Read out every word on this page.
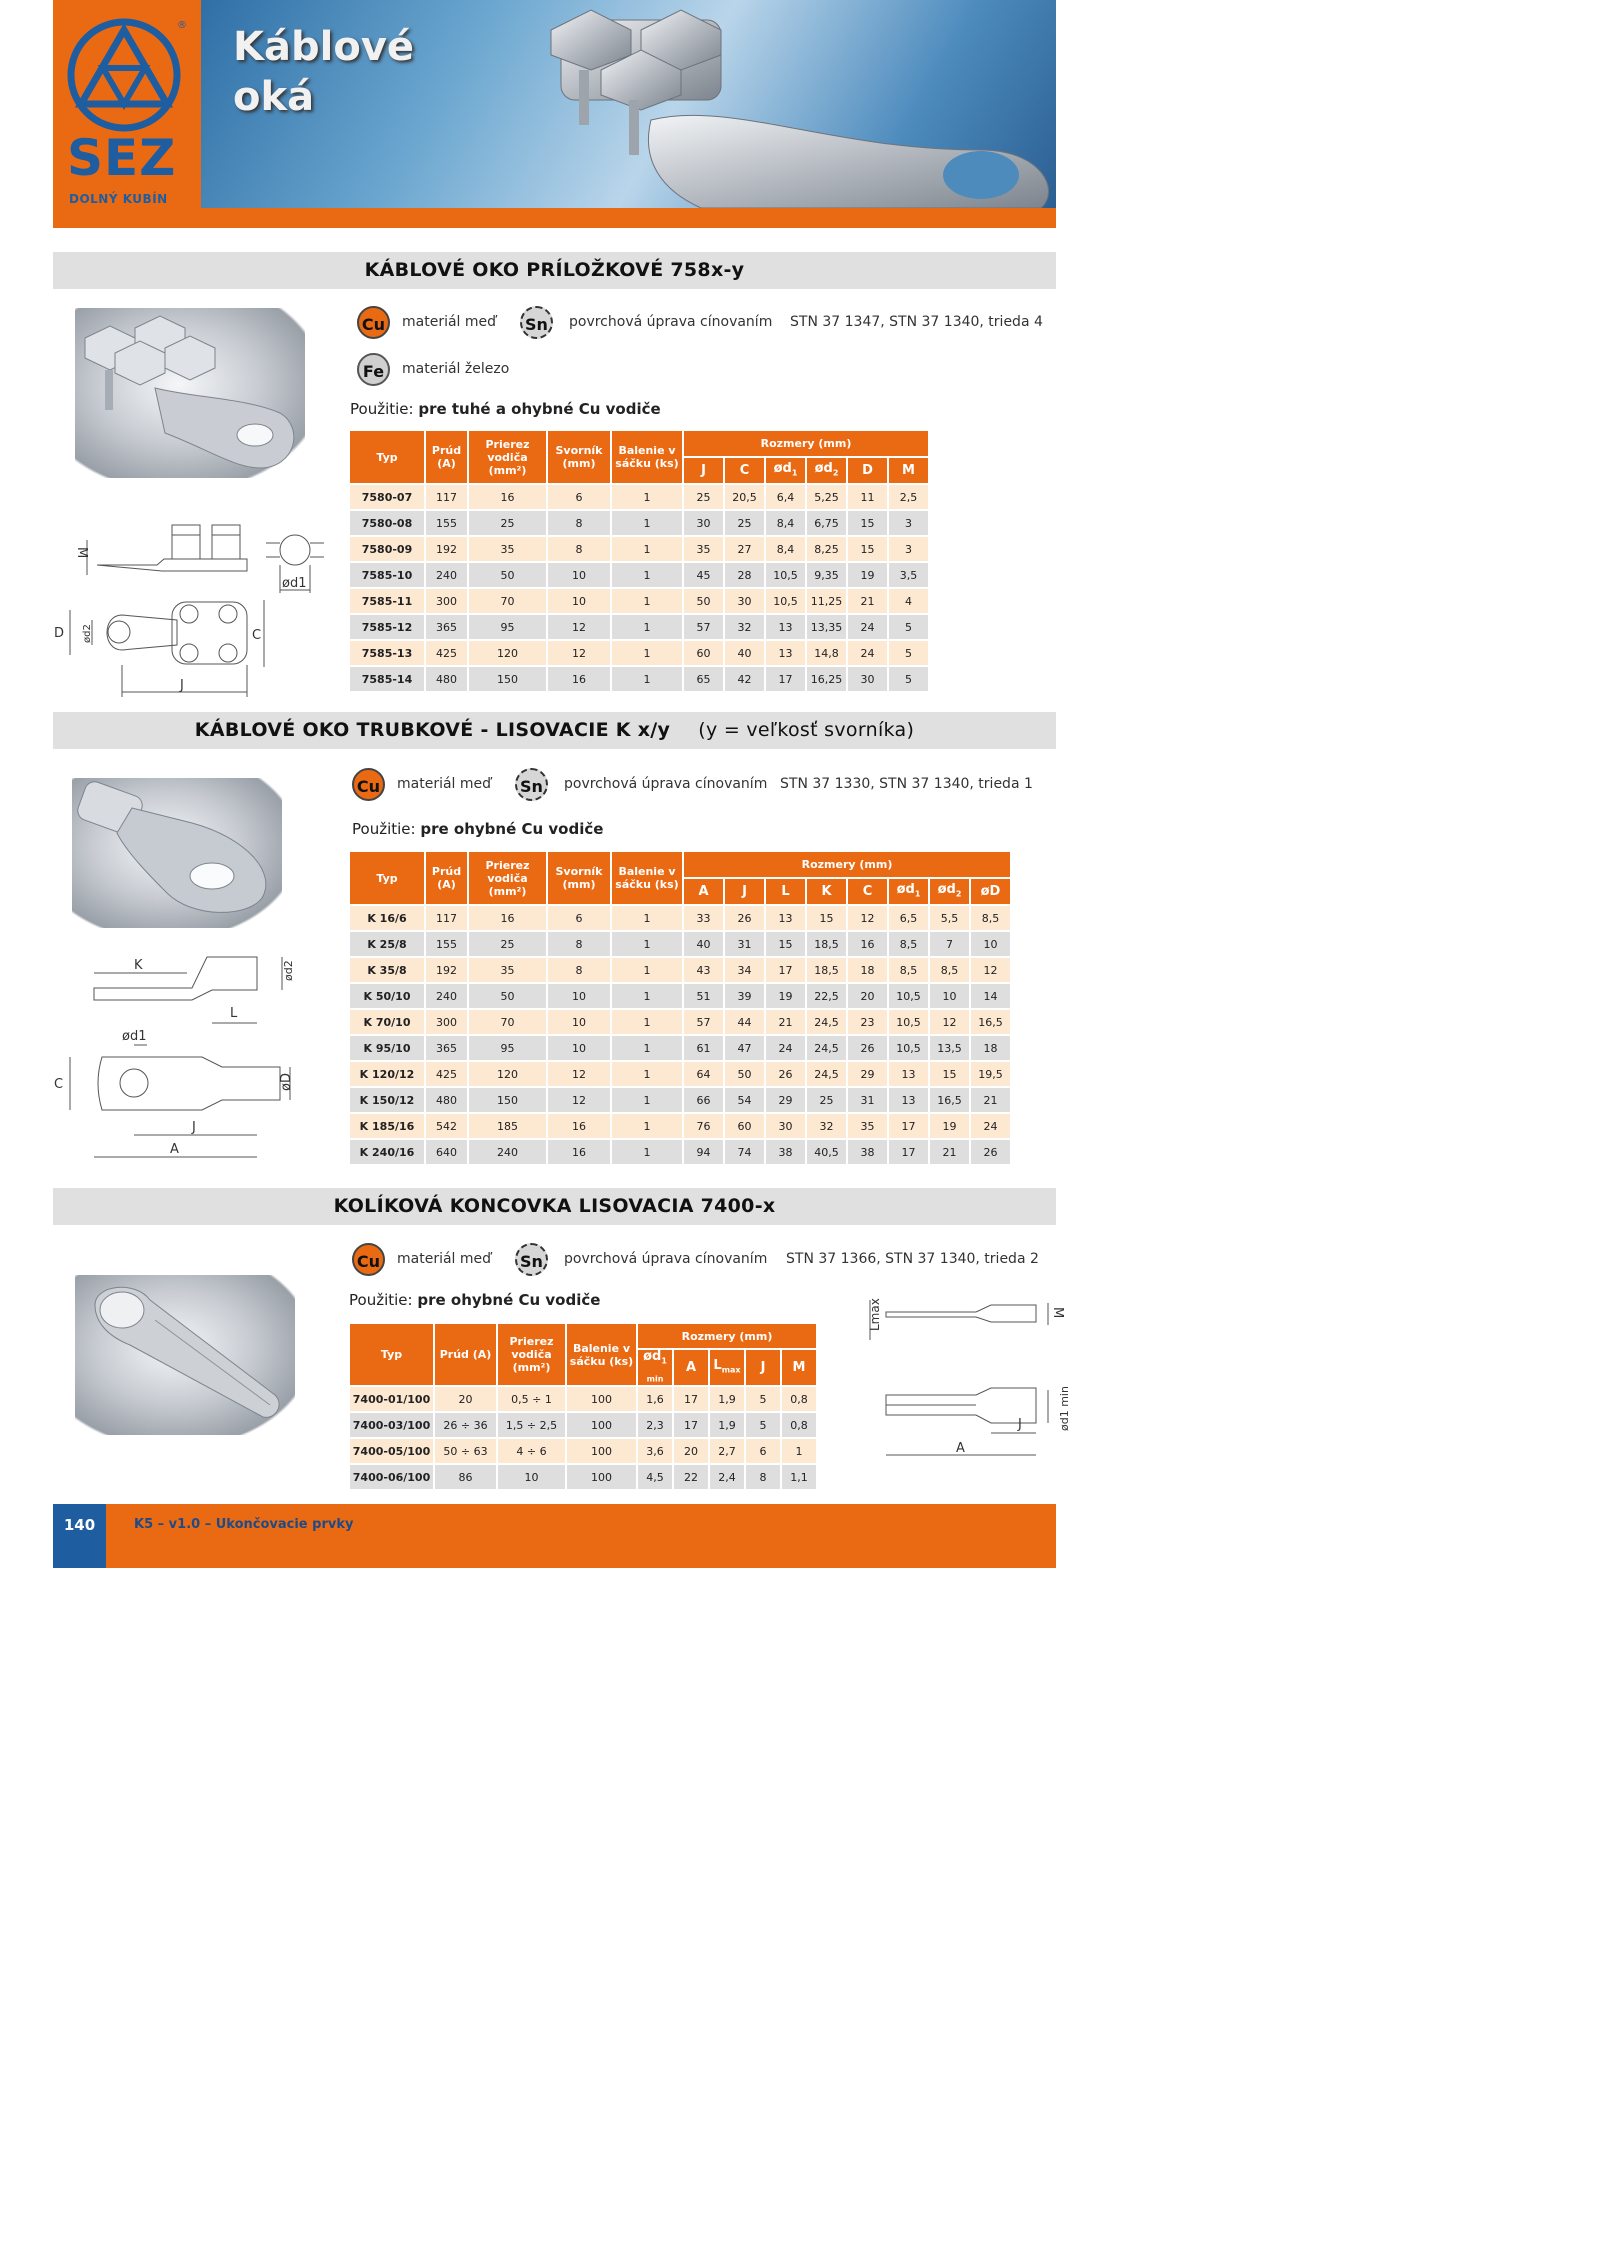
®
SEZ
DOLNÝ KUBÍN
Káblové
oká
KÁBLOVÉ OKO PRÍLOŽKOVÉ 758x-y
Cu	materiál meď	Sn	povrchová úprava cínovaním STN 37 1347, STN 37 1340, trieda 4
Fe	materiál železo
Použitie: pre tuhé a ohybné Cu vodiče
M
ød1
D ød2	C
J
Typ	Prúd (A)	Prierez vodiča (mm²)	Svorník (mm)	Balenie v sáčku (ks)	Rozmery (mm)					
					J	C	$ød_1$	$ød_2$	D	M
7580-07	117	16	6	1	25	20,5	6,4	5,25	11	2,5
7580-08	155	25	8	1	30	25	8,4	6,75	15	3
7580-09	192	35	8	1	35	27	8,4	8,25	15	3
7585-10	240	50	10	1	45	28	10,5	9,35	19	3,5
7585-11	300	70	10	1	50	30	10,5	11,25	21	4
7585-12	365	95	12	1	57	32	13	13,35	24	5
7585-13	425	120	12	1	60	40	13	14,8	24	5
7585-14	480	150	16	1	65	42	17	16,25	30	5
KÁBLOVÉ OKO TRUBKOVÉ - LISOVACIE K x/y (y = veľkosť svorníka)
Cu	materiál meď	Sn	povrchová úprava cínovaním STN 37 1330, STN 37 1340, trieda 1
Použitie: pre ohybné Cu vodiče
K	ød2
L
ød1
C	øD
J
A
Typ	Prúd (A)	Prierez vodiča (mm²)	Svorník (mm)	Balenie v sáčku (ks)	Rozmery (mm)							
					A	J	L	K	C	$ød_1$	$ød_2$	øD
K 16/6	117	16	6	1	33	26	13	15	12	6,5	5,5	8,5
K 25/8	155	25	8	1	40	31	15	18,5	16	8,5	7	10
K 35/8	192	35	8	1	43	34	17	18,5	18	8,5	8,5	12
K 50/10	240	50	10	1	51	39	19	22,5	20	10,5	10	14
K 70/10	300	70	10	1	57	44	21	24,5	23	10,5	12	16,5
K 95/10	365	95	10	1	61	47	24	24,5	26	10,5	13,5	18
K 120/12	425	120	12	1	64	50	26	24,5	29	13	15	19,5
K 150/12	480	150	12	1	66	54	29	25	31	13	16,5	21
K 185/16	542	185	16	1	76	60	30	32	35	17	19	24
K 240/16	640	240	16	1	94	74	38	40,5	38	17	21	26
KOLÍKOVÁ KONCOVKA LISOVACIA 7400-x
Cu	materiál meď	Sn	povrchová úprava cínovaním STN 37 1366, STN 37 1340, trieda 2
Použitie: pre ohybné Cu vodiče
Typ	Prúd (A)	Prierez vodiča (mm²)	Balenie v sáčku (ks)	Rozmery (mm)				
				$ød_{1 min}$	A	$L_{max}$	J	M
7400-01/100	20	0,5 ÷ 1	100	1,6	17	1,9	5	0,8
7400-03/100	26 ÷ 36	1,5 ÷ 2,5	100	2,3	17	1,9	5	0,8
7400-05/100	50 ÷ 63	4 ÷ 6	100	3,6	20	2,7	6	1
7400-06/100	86	10	100	4,5	22	2,4	8	1,1
Lmax	M
J	ød1 min
A
140	K5 – v1.0 – Ukončovacie prvky
